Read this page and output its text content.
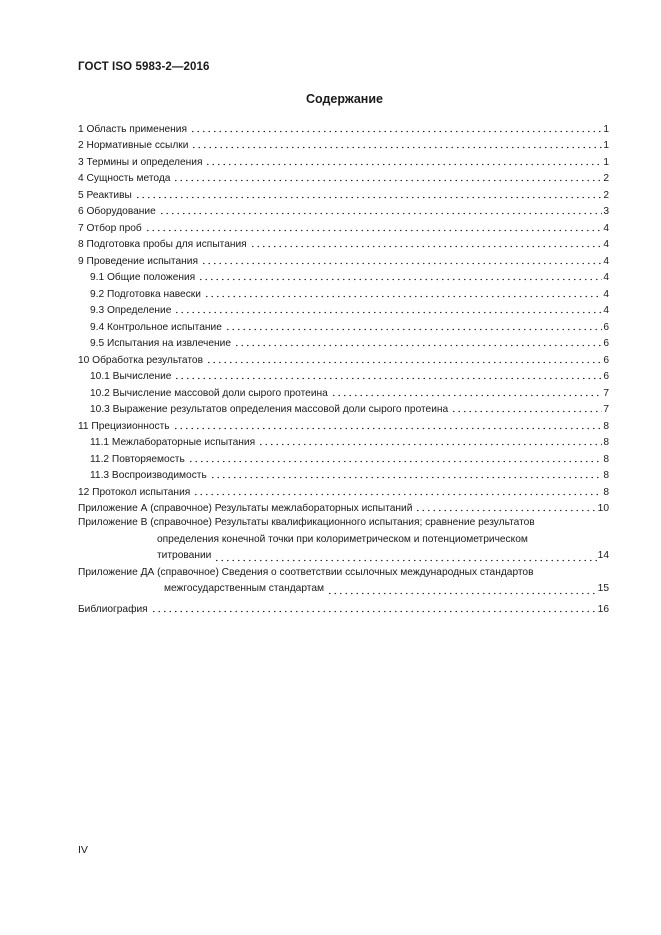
ГОСТ ISO 5983-2—2016
Содержание
1 Область применения	1
2 Нормативные ссылки	1
3 Термины и определения	1
4 Сущность метода	2
5 Реактивы	2
6 Оборудование	3
7 Отбор проб	4
8 Подготовка пробы для испытания	4
9 Проведение испытания	4
9.1 Общие положения	4
9.2 Подготовка навески	4
9.3 Определение	4
9.4 Контрольное испытание	6
9.5 Испытания на извлечение	6
10 Обработка результатов	6
10.1 Вычисление	6
10.2 Вычисление массовой доли сырого протеина	7
10.3 Выражение результатов определения массовой доли сырого протеина	7
11 Прецизионность	8
11.1 Межлабораторные испытания	8
11.2 Повторяемость	8
11.3 Воспроизводимость	8
12 Протокол испытания	8
Приложение А (справочное) Результаты межлабораторных испытаний	10
Приложение В (справочное) Результаты квалификационного испытания; сравнение результатов
определения конечной точки при колориметрическом и потенциометрическом
титровании	14
Приложение ДА (справочное) Сведения о соответствии ссылочных международных стандартов
межгосударственным стандартам	15
Библиография	16
IV
